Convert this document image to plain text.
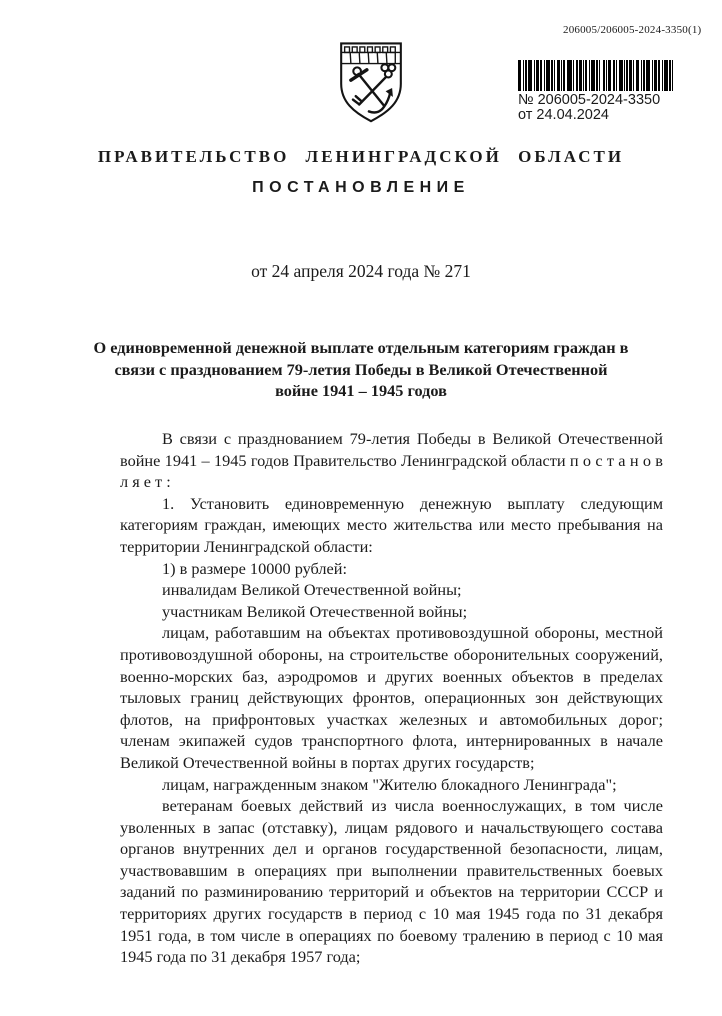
206005/206005-2024-3350(1)
№ 206005-2024-3350
от 24.04.2024
ПРАВИТЕЛЬСТВО ЛЕНИНГРАДСКОЙ ОБЛАСТИ
ПОСТАНОВЛЕНИЕ
от 24 апреля 2024 года № 271
О единовременной денежной выплате отдельным категориям граждан в связи с празднованием 79-летия Победы в Великой Отечественной войне 1941 – 1945 годов

В связи с празднованием 79-летия Победы в Великой Отечественной войне 1941 – 1945 годов Правительство Ленинградской области п о с т а н о в л я е т :

1. Установить единовременную денежную выплату следующим категориям граждан, имеющих место жительства или место пребывания на территории Ленинградской области:

1) в размере 10000 рублей:

инвалидам Великой Отечественной войны;

участникам Великой Отечественной войны;

лицам, работавшим на объектах противовоздушной обороны, местной противовоздушной обороны, на строительстве оборонительных сооружений, военно-морских баз, аэродромов и других военных объектов в пределах тыловых границ действующих фронтов, операционных зон действующих флотов, на прифронтовых участках железных и автомобильных дорог; членам экипажей судов транспортного флота, интернированных в начале Великой Отечественной войны в портах других государств;

лицам, награжденным знаком "Жителю блокадного Ленинграда";

ветеранам боевых действий из числа военнослужащих, в том числе уволенных в запас (отставку), лицам рядового и начальствующего состава органов внутренних дел и органов государственной безопасности, лицам, участвовавшим в операциях при выполнении правительственных боевых заданий по разминированию территорий и объектов на территории СССР и территориях других государств в период с 10 мая 1945 года по 31 декабря 1951 года, в том числе в операциях по боевому тралению в период с 10 мая 1945 года по 31 декабря 1957 года;
